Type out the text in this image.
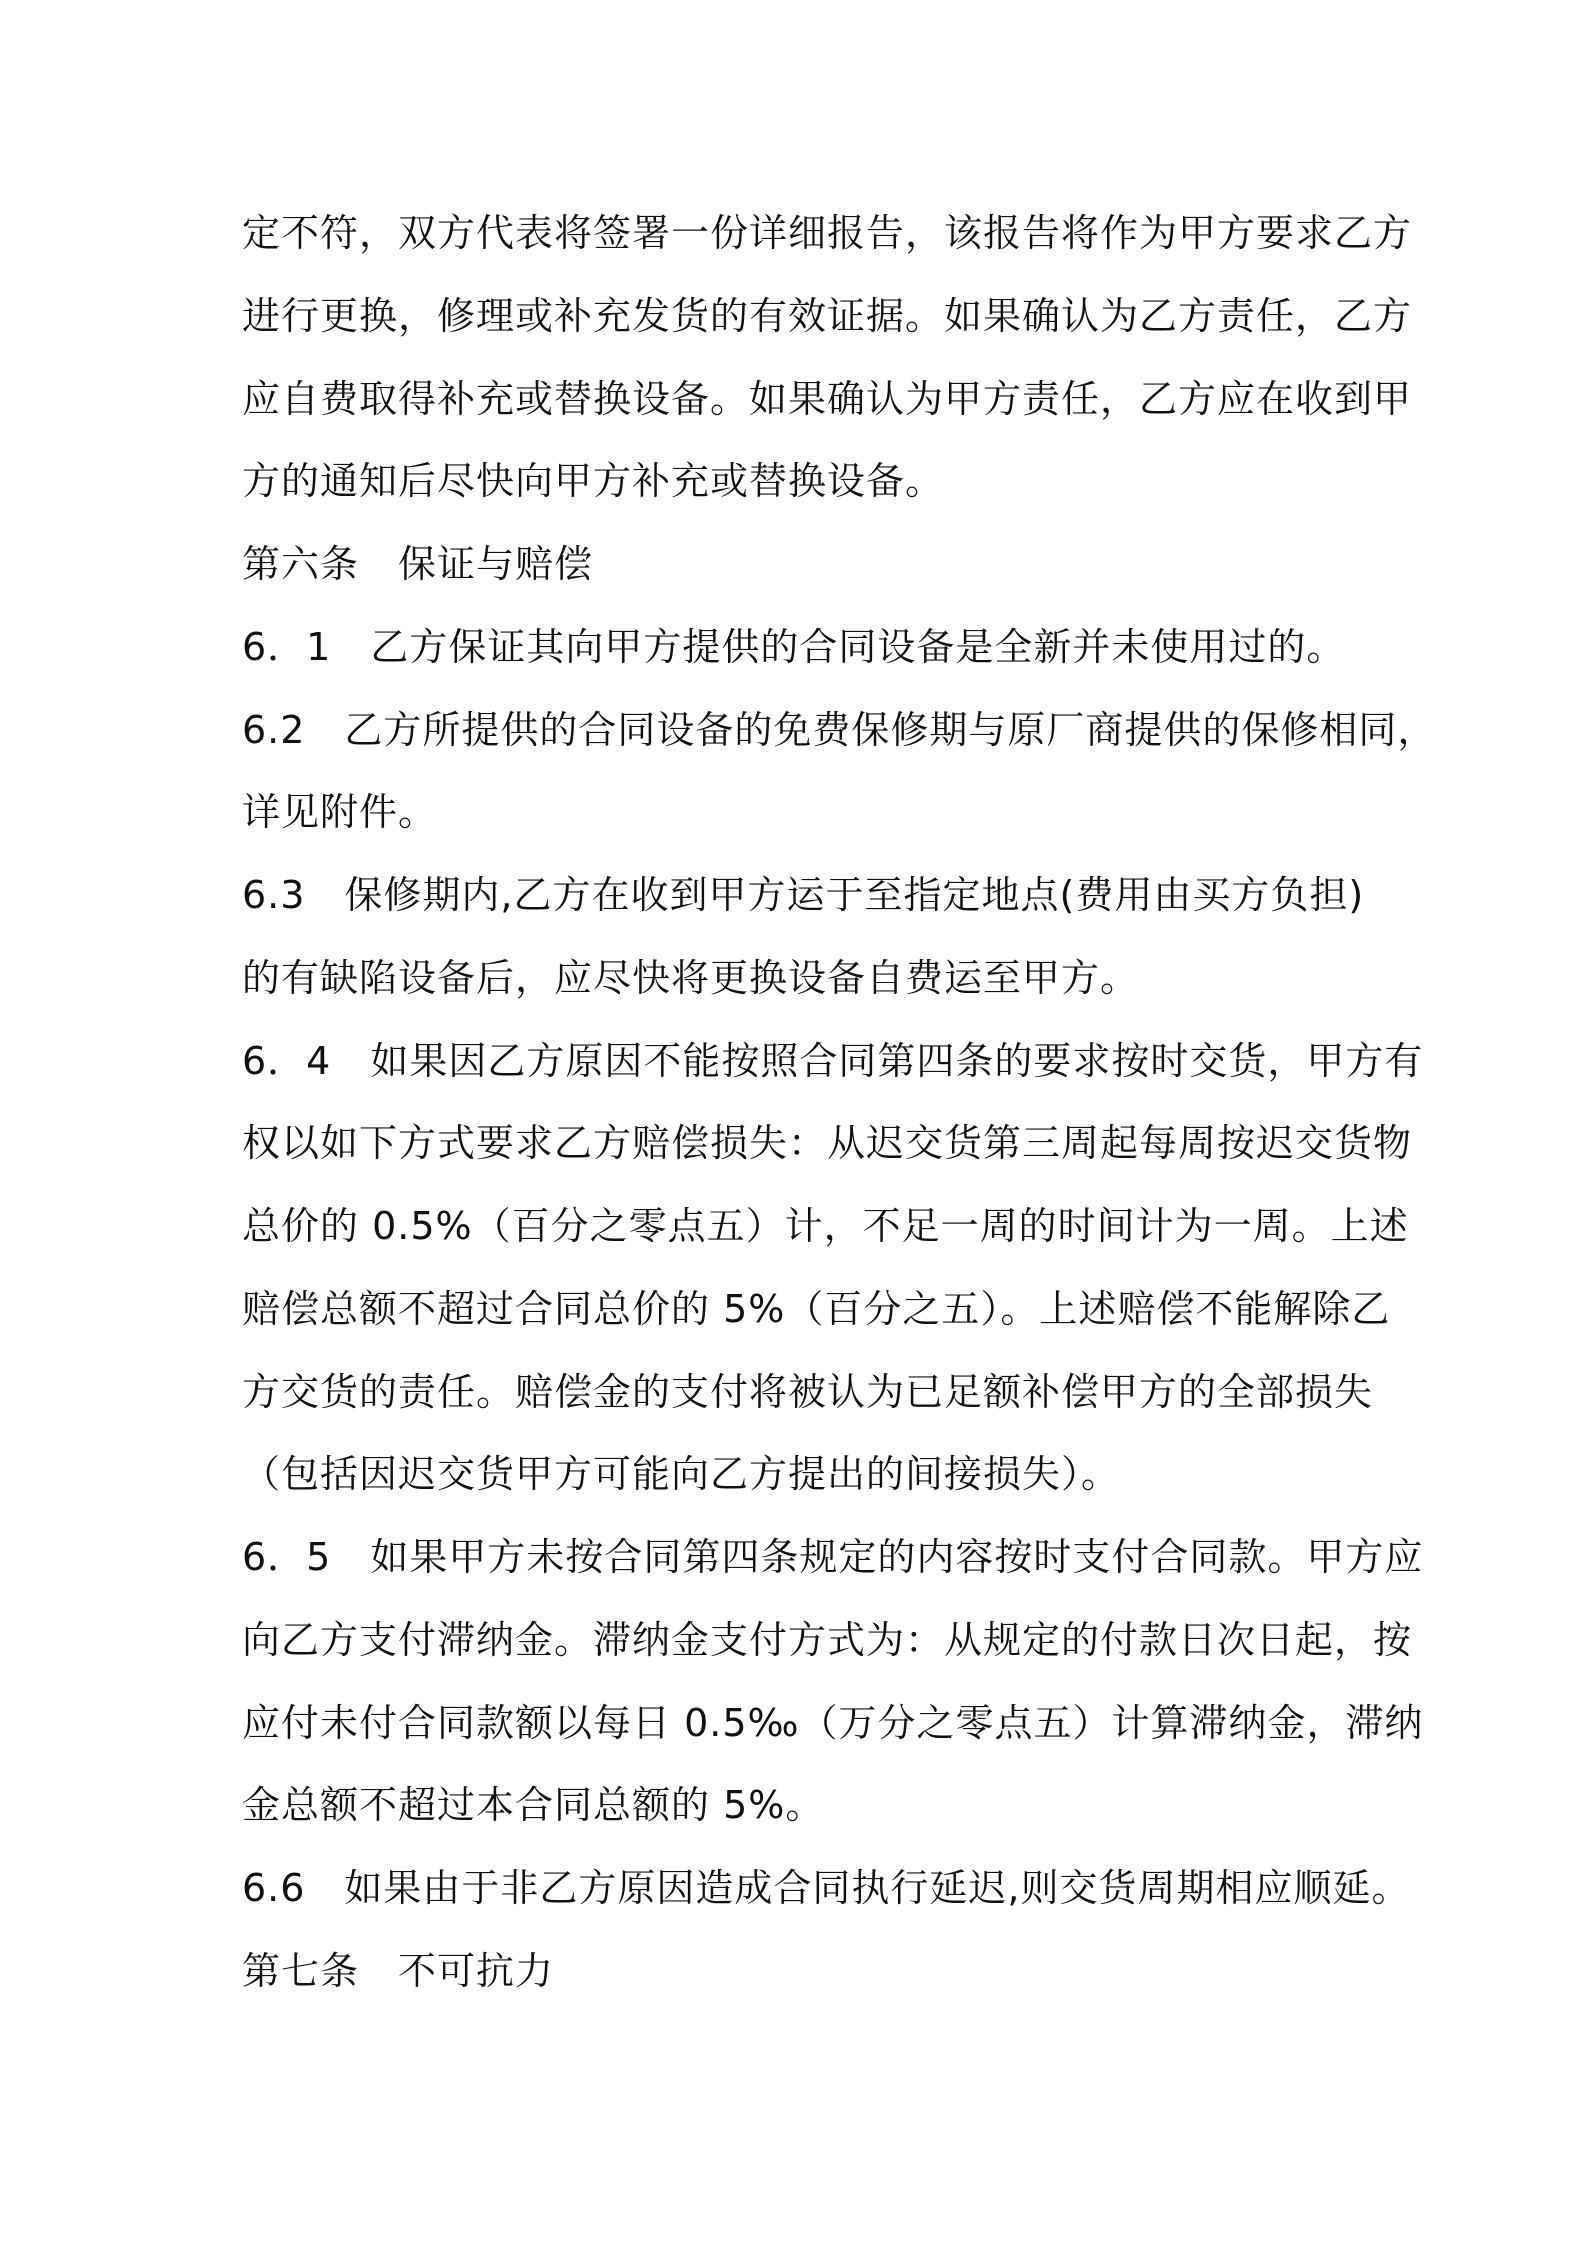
定不符，双方代表将签署一份详细报告，该报告将作为甲方要求乙方
进行更换，修理或补充发货的有效证据。如果确认为乙方责任，乙方
应自费取得补充或替换设备。如果确认为甲方责任，乙方应在收到甲
方的通知后尽快向甲方补充或替换设备。
第六条　保证与赔偿
6．1　乙方保证其向甲方提供的合同设备是全新并未使用过的。
6.2　乙方所提供的合同设备的免费保修期与原厂商提供的保修相同，
详见附件。
6.3　保修期内,乙方在收到甲方运于至指定地点(费用由买方负担)
的有缺陷设备后，应尽快将更换设备自费运至甲方。
6．4　如果因乙方原因不能按照合同第四条的要求按时交货，甲方有
权以如下方式要求乙方赔偿损失：从迟交货第三周起每周按迟交货物
总价的 0.5%（百分之零点五）计，不足一周的时间计为一周。上述
赔偿总额不超过合同总价的 5%（百分之五）。上述赔偿不能解除乙
方交货的责任。赔偿金的支付将被认为已足额补偿甲方的全部损失
（包括因迟交货甲方可能向乙方提出的间接损失）。
6．5　如果甲方未按合同第四条规定的内容按时支付合同款。甲方应
向乙方支付滞纳金。滞纳金支付方式为：从规定的付款日次日起，按
应付未付合同款额以每日 0.5‰（万分之零点五）计算滞纳金，滞纳
金总额不超过本合同总额的 5%。
6.6　如果由于非乙方原因造成合同执行延迟,则交货周期相应顺延。
第七条　不可抗力
